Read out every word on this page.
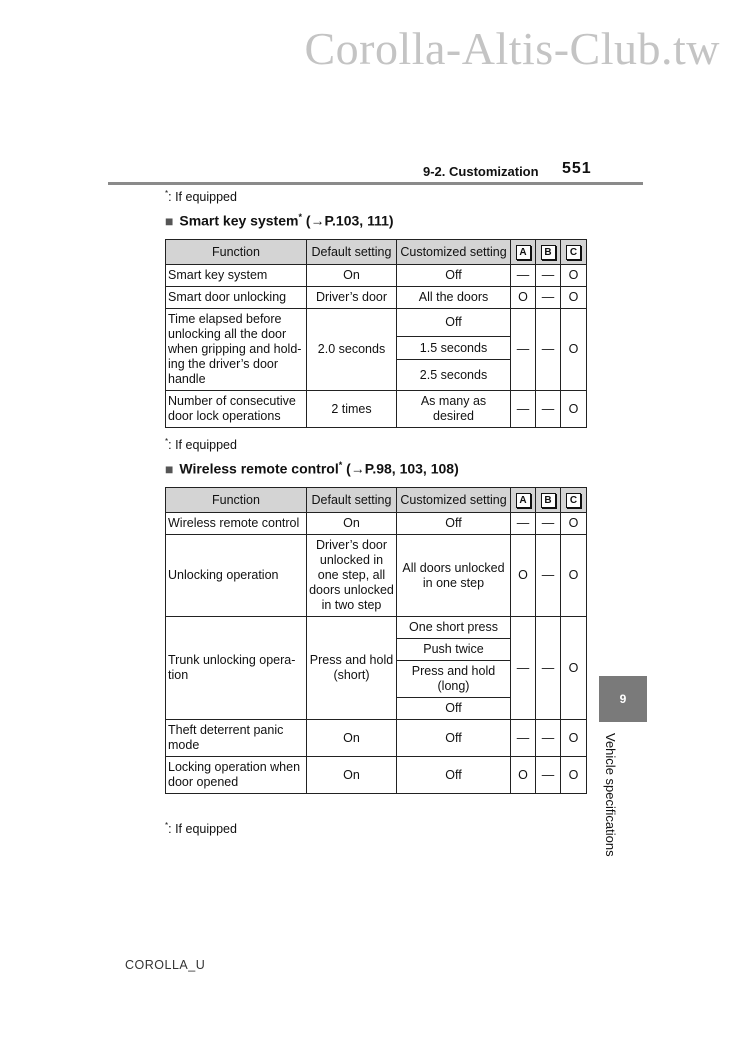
Corolla-Altis-Club.tw
9-2. Customization 551
*: If equipped
■ Smart key system* (→P.103, 111)
Function	Default setting	Customized setting	A	B	C
Smart key system	On	Off	—	—	O
Smart door unlocking	Driver’s door	All the doors	O	—	O
Time elapsed before unlocking all the door when gripping and hold-ing the driver’s door handle	2.0 seconds	Off	—	—	O
		1.5 seconds			
		2.5 seconds			
Number of consecutive door lock operations	2 times	As many as desired	—	—	O
*: If equipped
■ Wireless remote control* (→P.98, 103, 108)
Function	Default setting	Customized setting	A	B	C
Wireless remote control	On	Off	—	—	O
Unlocking operation	Driver’s door unlocked in one step, all doors unlocked in two step	All doors unlocked in one step	O	—	O
Trunk unlocking opera-tion	Press and hold (short)	One short press	—	—	O
		Push twice			
		Press and hold (long)			
		Off			
Theft deterrent panic mode	On	Off	—	—	O
Locking operation when door opened	On	Off	O	—	O
*: If equipped
9
Vehicle specifications
COROLLA_U
